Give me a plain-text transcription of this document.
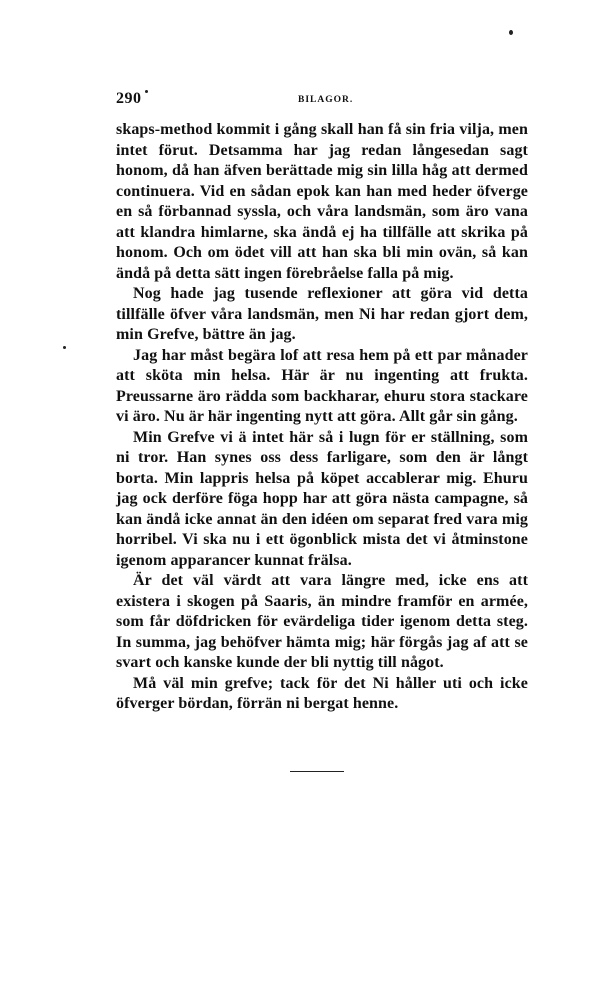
290	BILAGOR.

skaps-method kommit i gång skall han få sin fria vilja, men intet förut. Detsamma har jag redan långesedan sagt honom, då han äfven berättade mig sin lilla håg att dermed continuera. Vid en sådan epok kan han med heder öfverge en så förbannad syssla, och våra landsmän, som äro vana att klandra himlarne, ska ändå ej ha tillfälle att skrika på honom. Och om ödet vill att han ska bli min ovän, så kan ändå på detta sätt ingen förebråelse falla på mig.

Nog hade jag tusende reflexioner att göra vid detta tillfälle öfver våra landsmän, men Ni har redan gjort dem, min Grefve, bättre än jag.

Jag har måst begära lof att resa hem på ett par månader att sköta min helsa. Här är nu ingenting att frukta. Preussarne äro rädda som backharar, ehuru stora stackare vi äro. Nu är här ingenting nytt att göra. Allt går sin gång.

Min Grefve vi ä intet här så i lugn för er ställning, som ni tror. Han synes oss dess farligare, som den är långt borta. Min lappris helsa på köpet accablerar mig. Ehuru jag ock derföre föga hopp har att göra nästa campagne, så kan ändå icke annat än den idéen om separat fred vara mig horribel. Vi ska nu i ett ögonblick mista det vi åtminstone igenom apparancer kunnat frälsa.

Är det väl värdt att vara längre med, icke ens att existera i skogen på Saaris, än mindre framför en armée, som får döfdricken för evärdeliga tider igenom detta steg. In summa, jag behöfver hämta mig; här förgås jag af att se svart och kanske kunde der bli nyttig till något.

Må väl min grefve; tack för det Ni håller uti och icke öfverger bördan, förrän ni bergat henne.
